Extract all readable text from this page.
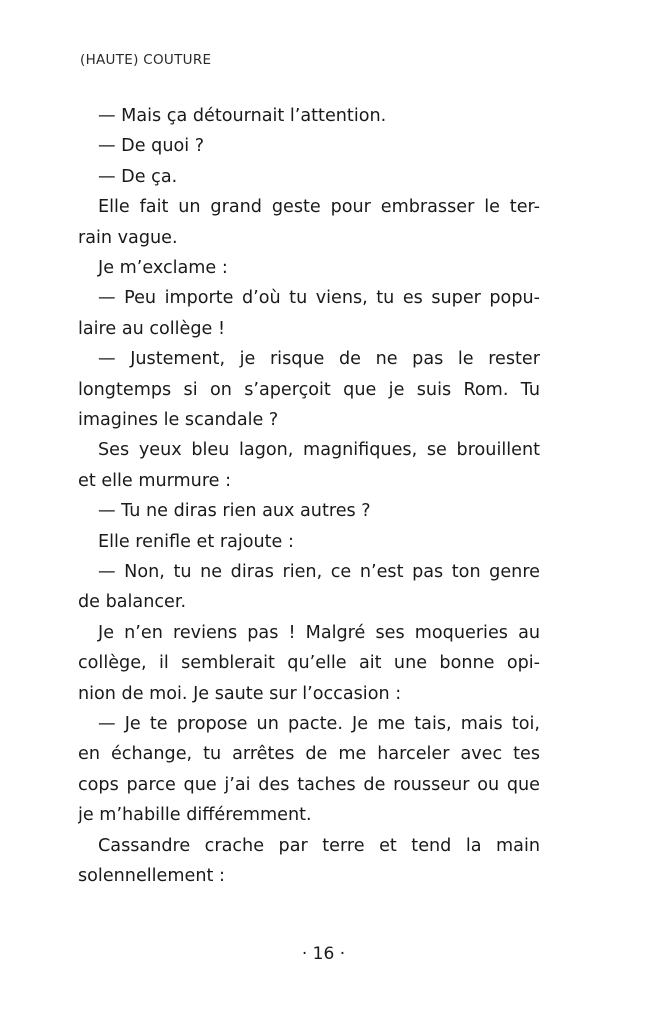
(HAUTE) COUTURE

— Mais ça détournait l’attention.

— De quoi ?

— De ça.

Elle fait un grand geste pour embrasser le ter-

rain vague.

Je m’exclame :

— Peu importe d’où tu viens, tu es super popu-

laire au collège !

— Justement, je risque de ne pas le rester

longtemps si on s’aperçoit que je suis Rom. Tu

imagines le scandale ?

Ses yeux bleu lagon, magnifiques, se brouillent

et elle murmure :

— Tu ne diras rien aux autres ?

Elle renifle et rajoute :

— Non, tu ne diras rien, ce n’est pas ton genre

de balancer.

Je n’en reviens pas ! Malgré ses moqueries au

collège, il semblerait qu’elle ait une bonne opi-

nion de moi. Je saute sur l’occasion :

— Je te propose un pacte. Je me tais, mais toi,

en échange, tu arrêtes de me harceler avec tes

cops parce que j’ai des taches de rousseur ou que

je m’habille différemment.

Cassandre crache par terre et tend la main

solennellement :

· 16 ·
